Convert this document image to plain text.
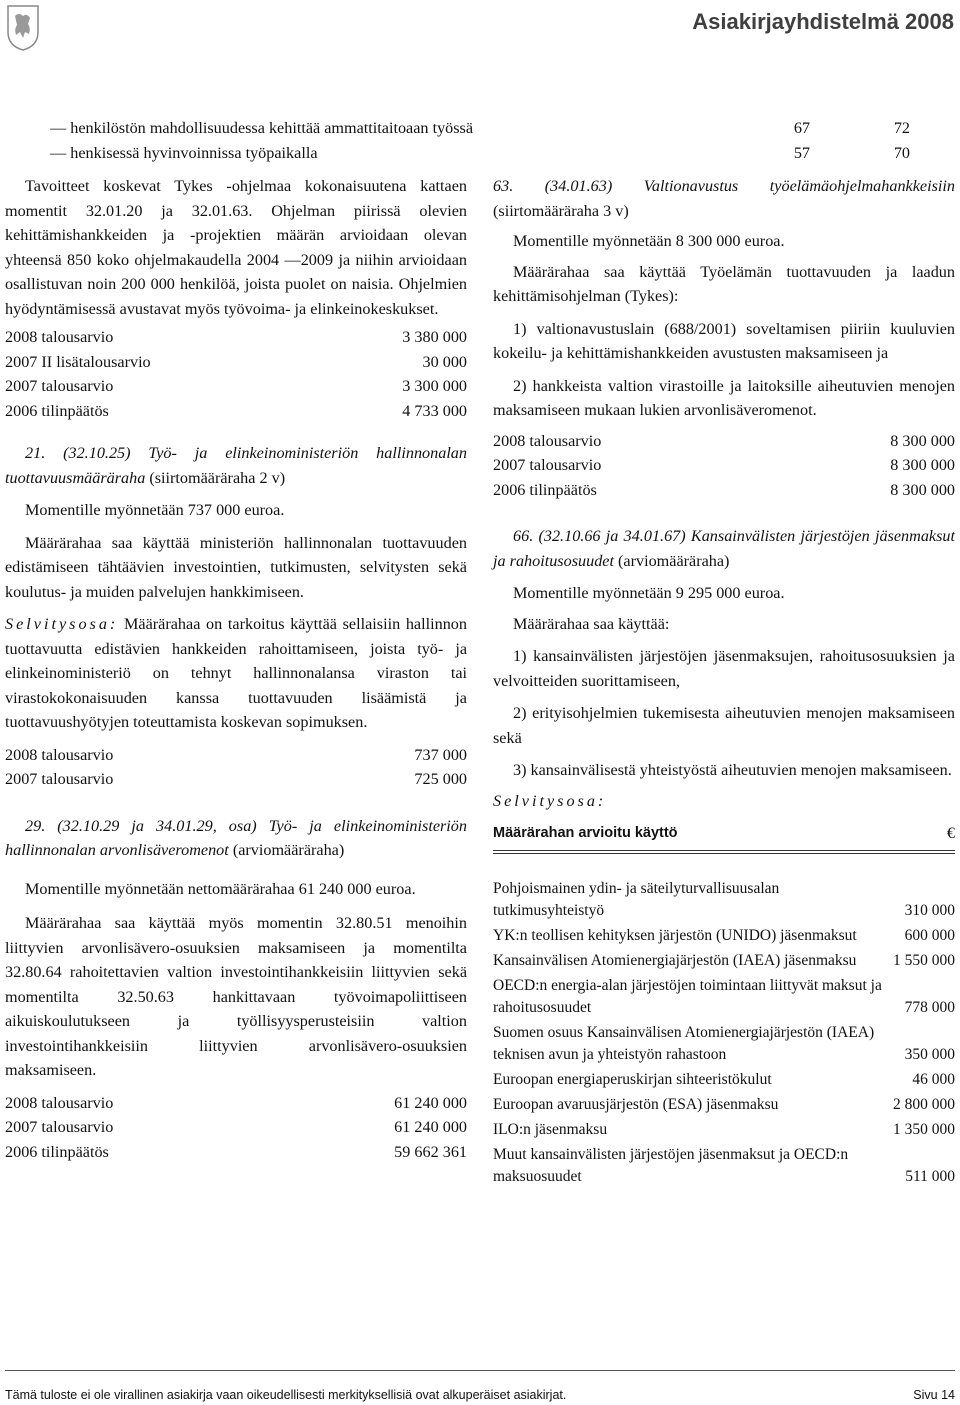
Asiakirjayhdistelmä 2008
— henkilöstön mahdollisuudessa kehittää ammattitaitoaan työssä	67	72
— henkisessä hyvinvoinnissa työpaikalla	57	70

Tavoitteet koskevat Tykes -ohjelmaa kokonaisuutena kattaen momentit 32.01.20 ja 32.01.63. Ohjelman piirissä olevien kehittämishankkeiden ja -projektien määrän arvioidaan olevan yhteensä 850 koko ohjelmakaudella 2004 —2009 ja niihin arvioidaan osallistuvan noin 200 000 henkilöä, joista puolet on naisia. Ohjelmien hyödyntämisessä avustavat myös työvoima- ja elinkeinokeskukset.

2008 talousarvio	3 380 000
2007 II lisätalousarvio	30 000
2007 talousarvio	3 300 000
2006 tilinpäätös	4 733 000

21. (32.10.25) Työ- ja elinkeinoministeriön hallinnonalan tuottavuusmääräraha (siirtomääräraha 2 v)

Momentille myönnetään 737 000 euroa.

Määrärahaa saa käyttää ministeriön hallinnonalan tuottavuuden edistämiseen tähtäävien investointien, tutkimusten, selvitysten sekä koulutus- ja muiden palvelujen hankkimiseen.

Selvitysosa: Määrärahaa on tarkoitus käyttää sellaisiin hallinnon tuottavuutta edistävien hankkeiden rahoittamiseen, joista työ- ja elinkeinoministeriö on tehnyt hallinnonalansa viraston tai virastokokonaisuuden kanssa tuottavuuden lisäämistä ja tuottavuushyötyjen toteuttamista koskevan sopimuksen.

2008 talousarvio	737 000
2007 talousarvio	725 000

29. (32.10.29 ja 34.01.29, osa) Työ- ja elinkeinoministeriön hallinnonalan arvonlisäveromenot (arviomääräraha)

Momentille myönnetään nettomäärärahaa 61 240 000 euroa.

Määrärahaa saa käyttää myös momentin 32.80.51 menoihin liittyvien arvonlisävero-osuuksien maksamiseen ja momentilta 32.80.64 rahoitettavien valtion investointihankkeisiin liittyvien sekä momentilta 32.50.63 hankittavaan työvoimapoliittiseen aikuiskoulutukseen ja työllisyysperusteisiin valtion investointihankkeisiin liittyvien arvonlisävero-osuuksien maksamiseen.

2008 talousarvio	61 240 000
2007 talousarvio	61 240 000
2006 tilinpäätös	59 662 361

63. (34.01.63) Valtionavustus työelämäohjelmahankkeisiin (siirtomääräraha 3 v)

Momentille myönnetään 8 300 000 euroa.

Määrärahaa saa käyttää Työelämän tuottavuuden ja laadun kehittämisohjelman (Tykes):

1) valtionavustuslain (688/2001) soveltamisen piiriin kuuluvien kokeilu- ja kehittämishankkeiden avustusten maksamiseen ja

2) hankkeista valtion virastoille ja laitoksille aiheutuvien menojen maksamiseen mukaan lukien arvonlisäveromenot.

2008 talousarvio	8 300 000
2007 talousarvio	8 300 000
2006 tilinpäätös	8 300 000

66. (32.10.66 ja 34.01.67) Kansainvälisten järjestöjen jäsenmaksut ja rahoitusosuudet (arviomääräraha)

Momentille myönnetään 9 295 000 euroa.

Määrärahaa saa käyttää:

1) kansainvälisten järjestöjen jäsenmaksujen, rahoitusosuuksien ja velvoitteiden suorittamiseen,

2) erityisohjelmien tukemisesta aiheutuvien menojen maksamiseen sekä

3) kansainvälisestä yhteistyöstä aiheutuvien menojen maksamiseen.

Selvitysosa:

Määrärahan arvioitu käyttö	€
Pohjoismainen ydin- ja säteilyturvallisuusalan tutkimusyhteistyö	310 000
YK:n teollisen kehityksen järjestön (UNIDO) jäsenmaksut	600 000
Kansainvälisen Atomienergiajärjestön (IAEA) jäsenmaksu	1 550 000
OECD:n energia-alan järjestöjen toimintaan liittyvät maksut ja rahoitusosuudet	778 000
Suomen osuus Kansainvälisen Atomienergiajärjestön (IAEA) teknisen avun ja yhteistyön rahastoon	350 000
Euroopan energiaperuskirjan sihteeristökulut	46 000
Euroopan avaruusjärjestön (ESA) jäsenmaksu	2 800 000
ILO:n jäsenmaksu	1 350 000
Muut kansainvälisten järjestöjen jäsenmaksut ja OECD:n maksuosuudet	511 000
Tämä tuloste ei ole virallinen asiakirja vaan oikeudellisesti merkityksellisiä ovat alkuperäiset asiakirjat.	Sivu 14
